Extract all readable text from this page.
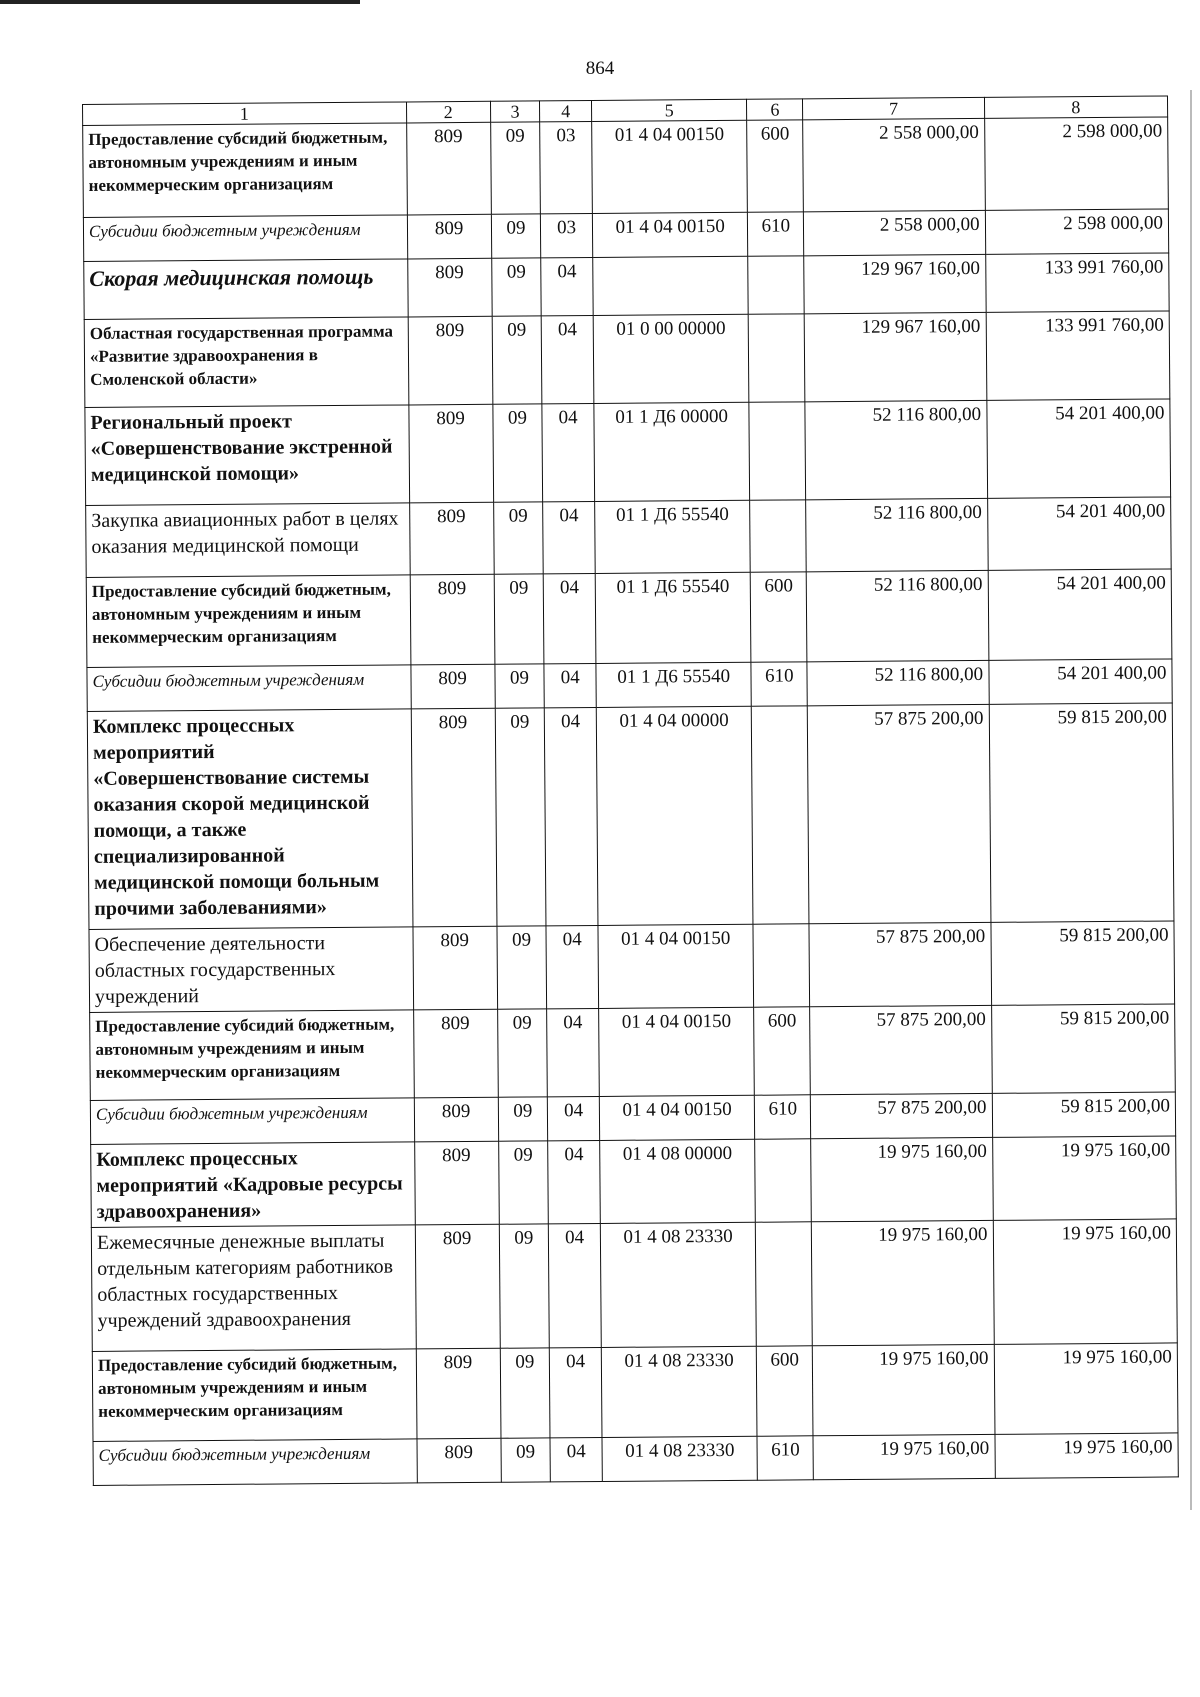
864
1	2	3	4	5	6	7	8
Предоставление субсидий бюджетным, автономным учреждениям и иным некоммерческим организациям	809	09	03	01 4 04 00150	600	2 558 000,00	2 598 000,00
Субсидии бюджетным учреждениям	809	09	03	01 4 04 00150	610	2 558 000,00	2 598 000,00
Скорая медицинская помощь	809	09	04			129 967 160,00	133 991 760,00
Областная государственная программа «Развитие здравоохранения в Смоленской области»	809	09	04	01 0 00 00000		129 967 160,00	133 991 760,00
Региональный проект «Совершенствование экстренной медицинской помощи»	809	09	04	01 1 Д6 00000		52 116 800,00	54 201 400,00
Закупка авиационных работ в целях оказания медицинской помощи	809	09	04	01 1 Д6 55540		52 116 800,00	54 201 400,00
Предоставление субсидий бюджетным, автономным учреждениям и иным некоммерческим организациям	809	09	04	01 1 Д6 55540	600	52 116 800,00	54 201 400,00
Субсидии бюджетным учреждениям	809	09	04	01 1 Д6 55540	610	52 116 800,00	54 201 400,00
Комплекс процессных мероприятий «Совершенствование системы оказания скорой медицинской помощи, а также специализированной медицинской помощи больным прочими заболеваниями»	809	09	04	01 4 04 00000		57 875 200,00	59 815 200,00
Обеспечение деятельности областных государственных учреждений	809	09	04	01 4 04 00150		57 875 200,00	59 815 200,00
Предоставление субсидий бюджетным, автономным учреждениям и иным некоммерческим организациям	809	09	04	01 4 04 00150	600	57 875 200,00	59 815 200,00
Субсидии бюджетным учреждениям	809	09	04	01 4 04 00150	610	57 875 200,00	59 815 200,00
Комплекс процессных мероприятий «Кадровые ресурсы здравоохранения»	809	09	04	01 4 08 00000		19 975 160,00	19 975 160,00
Ежемесячные денежные выплаты отдельным категориям работников областных государственных учреждений здравоохранения	809	09	04	01 4 08 23330		19 975 160,00	19 975 160,00
Предоставление субсидий бюджетным, автономным учреждениям и иным некоммерческим организациям	809	09	04	01 4 08 23330	600	19 975 160,00	19 975 160,00
Субсидии бюджетным учреждениям	809	09	04	01 4 08 23330	610	19 975 160,00	19 975 160,00
